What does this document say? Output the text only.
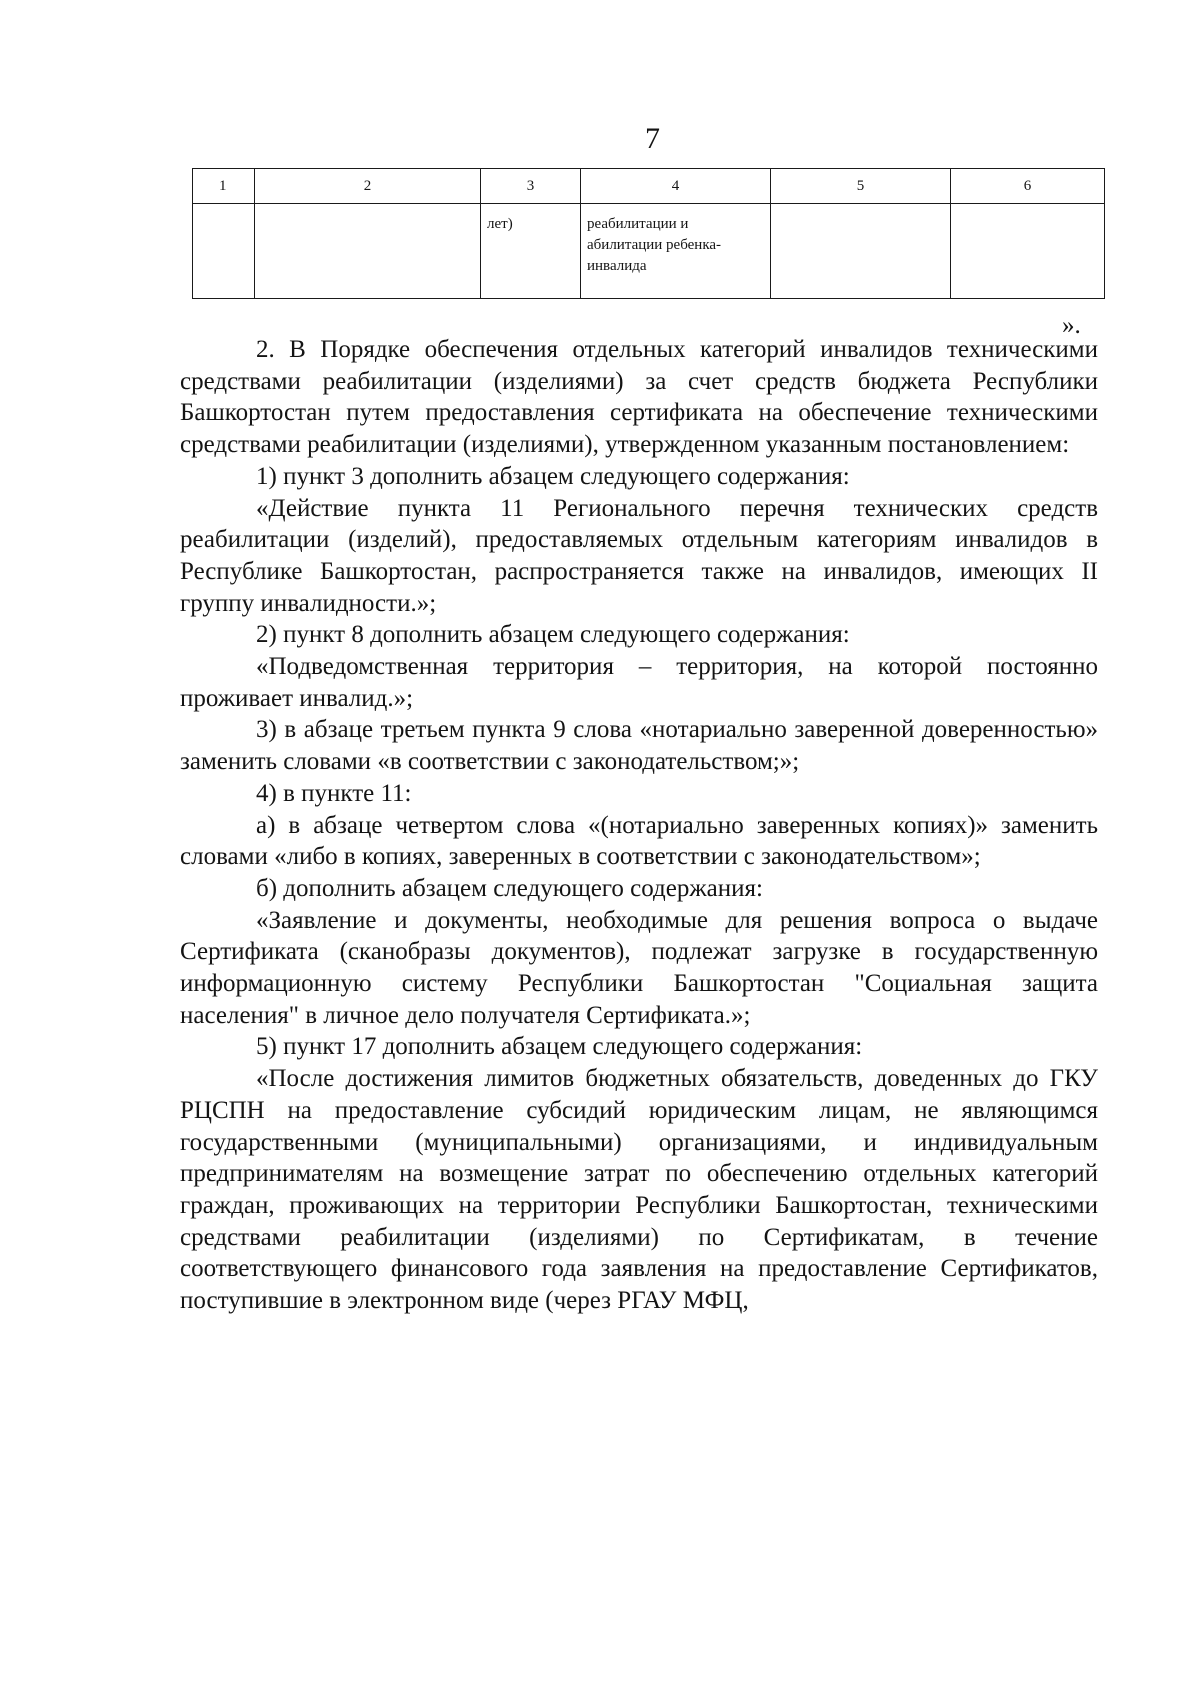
7
1	2	3	4	5	6
		лет)	реабилитации и абилитации ребенка-инвалида		
».

2. В Порядке обеспечения отдельных категорий инвалидов техническими средствами реабилитации (изделиями) за счет средств бюджета Республики Башкортостан путем предоставления сертификата на обеспечение техническими средствами реабилитации (изделиями), утвержденном указанным постановлением:

1) пункт 3 дополнить абзацем следующего содержания:

«Действие пункта 11 Регионального перечня технических средств реабилитации (изделий), предоставляемых отдельным категориям инвалидов в Республике Башкортостан, распространяется также на инвалидов, имеющих II группу инвалидности.»;

2) пункт 8 дополнить абзацем следующего содержания:

«Подведомственная территория – территория, на которой постоянно проживает инвалид.»;

3) в абзаце третьем пункта 9 слова «нотариально заверенной доверенностью» заменить словами «в соответствии с законодательством;»;

4) в пункте 11:

а) в абзаце четвертом слова «(нотариально заверенных копиях)» заменить словами «либо в копиях, заверенных в соответствии с законодательством»;

б) дополнить абзацем следующего содержания:

«Заявление и документы, необходимые для решения вопроса о выдаче Сертификата (сканобразы документов), подлежат загрузке в государственную информационную систему Республики Башкортостан "Социальная защита населения" в личное дело получателя Сертификата.»;

5) пункт 17 дополнить абзацем следующего содержания:

«После достижения лимитов бюджетных обязательств, доведенных до ГКУ РЦСПН на предоставление субсидий юридическим лицам, не являющимся государственными (муниципальными) организациями, и индивидуальным предпринимателям на возмещение затрат по обеспечению отдельных категорий граждан, проживающих на территории Республики Башкортостан, техническими средствами реабилитации (изделиями) по Сертификатам, в течение соответствующего финансового года заявления на предоставление Сертификатов, поступившие в электронном виде (через РГАУ МФЦ,
